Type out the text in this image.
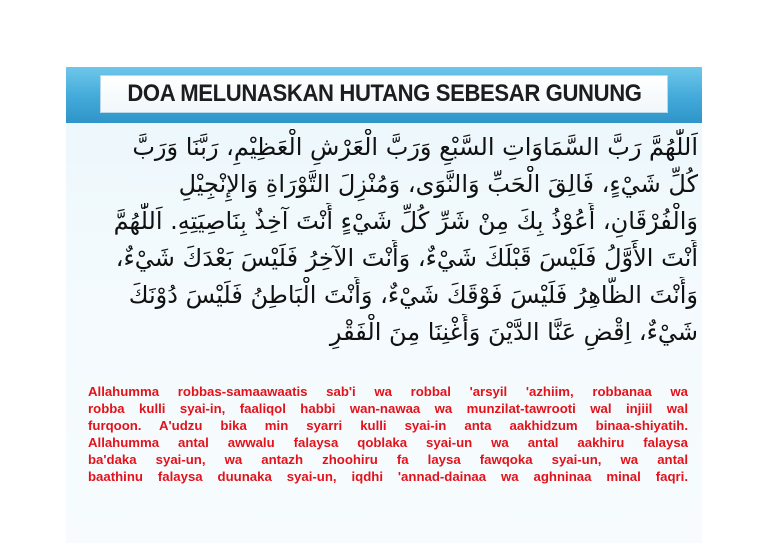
DOA MELUNASKAN HUTANG SEBESAR GUNUNG
اَللّٰهُمَّ رَبَّ السَّمَاوَاتِ السَّبْعِ وَرَبَّ الْعَرْشِ الْعَظِيْمِ، رَبَّنَا وَرَبَّ
كُلِّ شَيْءٍ، فَالِقَ الْحَبِّ وَالنَّوَى، وَمُنْزِلَ التَّوْرَاةِ وَالإِنْجِيْلِ
وَالْفُرْقَانِ، أَعُوْذُ بِكَ مِنْ شَرِّ كُلِّ شَيْءٍ أَنْتَ آخِذٌ بِنَاصِيَتِهِ. اَللّٰهُمَّ
أَنْتَ الأَوَّلُ فَلَيْسَ قَبْلَكَ شَيْءٌ، وَأَنْتَ الآخِرُ فَلَيْسَ بَعْدَكَ شَيْءٌ،
وَأَنْتَ الظَّاهِرُ فَلَيْسَ فَوْقَكَ شَيْءٌ، وَأَنْتَ الْبَاطِنُ فَلَيْسَ دُوْنَكَ
شَيْءٌ، اِقْضِ عَنَّا الدَّيْنَ وَأَغْنِنَا مِنَ الْفَقْرِ
Allahumma robbas-samaawaatis sab'i wa robbal 'arsyil 'azhiim, robbanaa wa
robba kulli syai-in, faaliqol habbi wan-nawaa wa munzilat-tawrooti wal injiil wal
furqoon. A'udzu bika min syarri kulli syai-in anta aakhidzum binaa-shiyatih.
Allahumma antal awwalu falaysa qoblaka syai-un wa antal aakhiru falaysa
ba'daka syai-un, wa antazh zhoohiru fa laysa fawqoka syai-un, wa antal
baathinu falaysa duunaka syai-un, iqdhi 'annad-dainaa wa aghninaa minal faqri.
